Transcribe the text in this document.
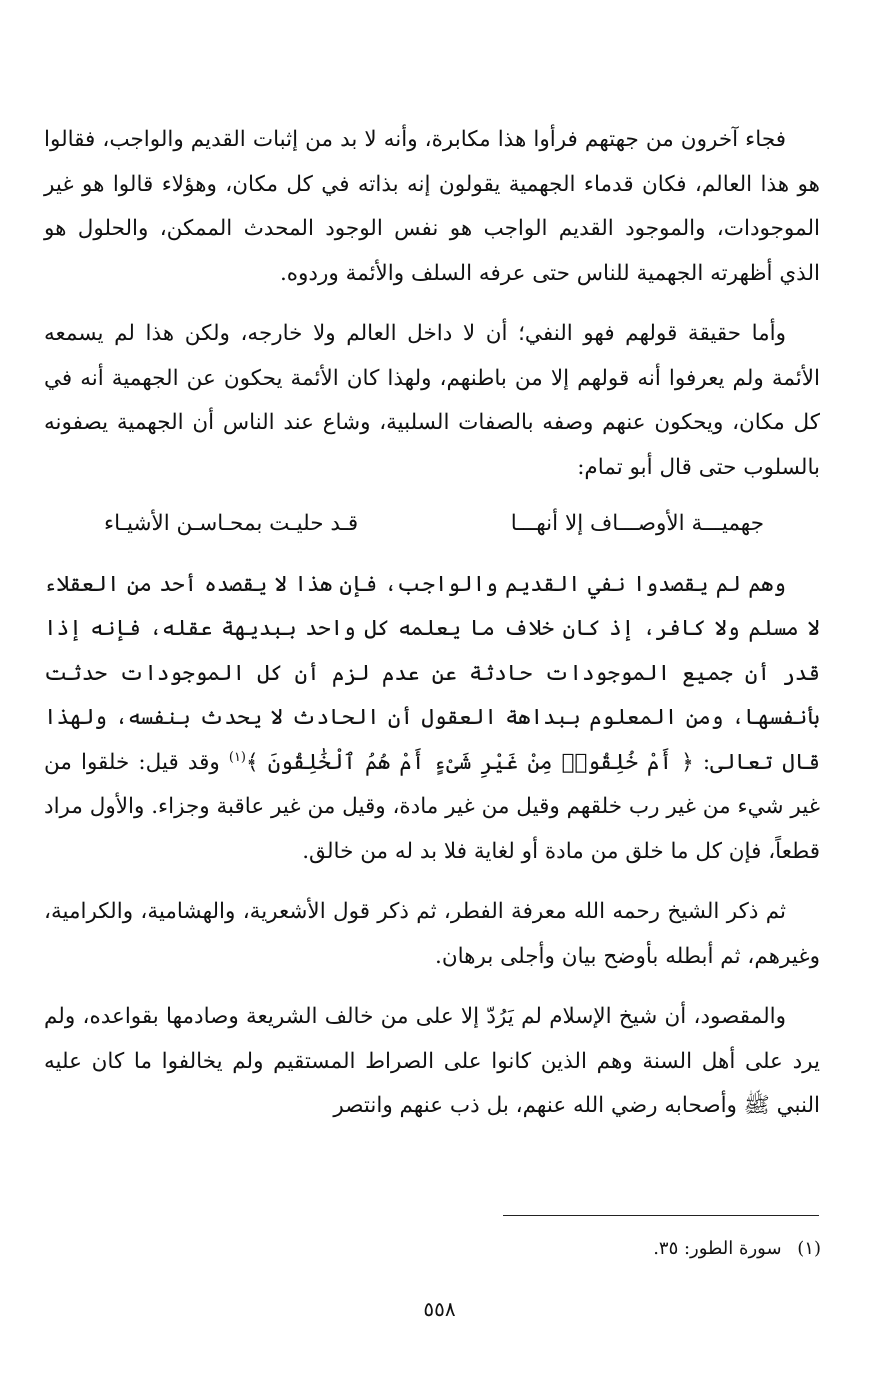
فجاء آخرون من جهتهم فرأوا هذا مكابرة، وأنه لا بد من إثبات القديم والواجب، فقالوا هو هذا العالم، فكان قدماء الجهمية يقولون إنه بذاته في كل مكان، وهؤلاء قالوا هو غير الموجودات، والموجود القديم الواجب هو نفس الوجود المحدث الممكن، والحلول هو الذي أظهرته الجهمية للناس حتى عرفه السلف والأئمة وردوه.

وأما حقيقة قولهم فهو النفي؛ أن لا داخل العالم ولا خارجه، ولكن هذا لم يسمعه الأئمة ولم يعرفوا أنه قولهم إلا من باطنهم، ولهذا كان الأئمة يحكون عن الجهمية أنه في كل مكان، ويحكون عنهم وصفه بالصفات السلبية، وشاع عند الناس أن الجهمية يصفونه بالسلوب حتى قال أبو تمام:

جهميـــة الأوصـــاف إلا أنهـــا
قـد حليـت بمحـاسـن الأشيـاء

وهم لم يقصدوا نفي القديم والواجب، فإن هذا لا يقصده أحد من العقلاء لا مسلم ولا كافر، إذ كان خلاف ما يعلمه كل واحد ببديهة عقله، فإنه إذا قدر أن جميع الموجودات حادثة عن عدم لزم أن كل الموجودات حدثت بأنفسها، ومن المعلوم ببداهة العقول أن الحادث لا يحدث بنفسه، ولهذا قال تعالى: ﴿ أَمْ خُلِقُوا۟ مِنْ غَيْرِ شَىْءٍ أَمْ هُمُ ٱلْخَٰلِقُونَ ﴾$^{(١)}$ وقد قيل: خلقوا من غير شيء من غير رب خلقهم وقيل من غير مادة، وقيل من غير عاقبة وجزاء. والأول مراد قطعاً، فإن كل ما خلق من مادة أو لغاية فلا بد له من خالق.

ثم ذكر الشيخ رحمه الله معرفة الفطر، ثم ذكر قول الأشعرية، والهشامية، والكرامية، وغيرهم، ثم أبطله بأوضح بيان وأجلى برهان.

والمقصود، أن شيخ الإسلام لم يَرُدّ إلا على من خالف الشريعة وصادمها بقواعده، ولم يرد على أهل السنة وهم الذين كانوا على الصراط المستقيم ولم يخالفوا ما كان عليه النبي ﷺ وأصحابه رضي الله عنهم، بل ذب عنهم وانتصر

(١) سورة الطور: ٣٥.
٥٥٨
